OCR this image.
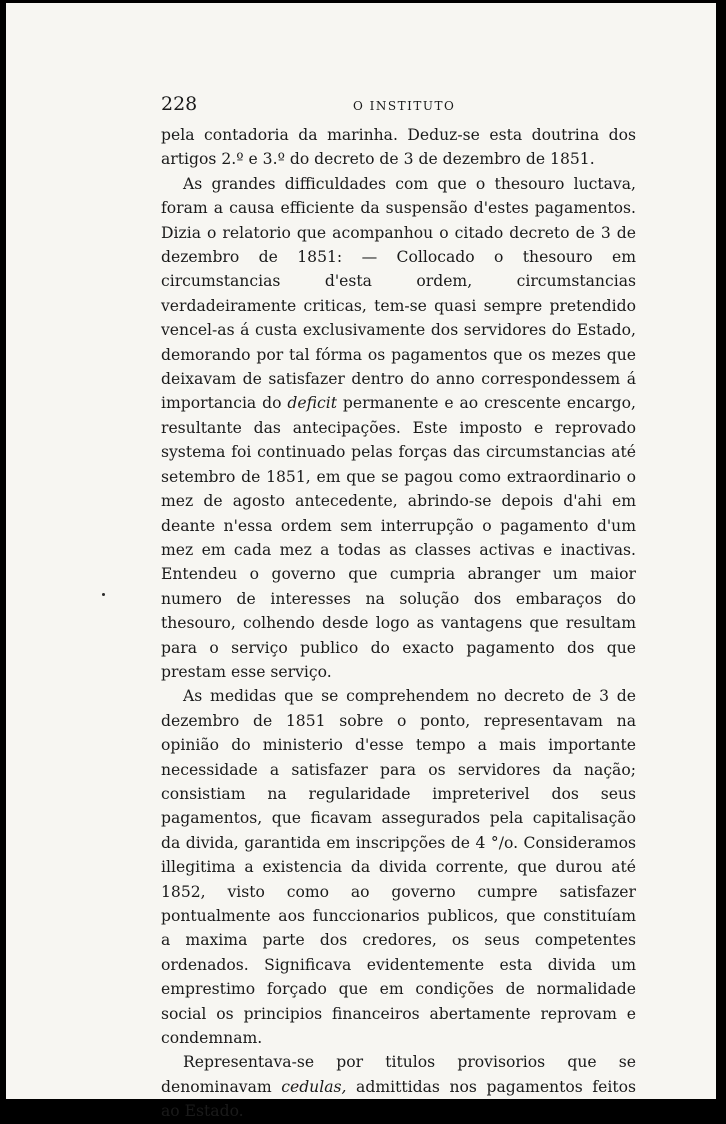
228	O INSTITUTO

pela contadoria da marinha. Deduz-se esta doutrina dos artigos 2.º e 3.º do decreto de 3 de dezembro de 1851.

As grandes difficuldades com que o thesouro luctava, foram a causa efficiente da suspensão d'estes pagamentos. Dizia o relatorio que acompanhou o citado decreto de 3 de dezembro de 1851: — Collocado o thesouro em circumstancias d'esta ordem, circumstancias verdadeiramente criticas, tem-se quasi sempre pretendido vencel-as á custa exclusivamente dos servidores do Estado, demorando por tal fórma os pagamentos que os mezes que deixavam de satisfazer dentro do anno correspondessem á importancia do deficit permanente e ao crescente encargo, resultante das antecipações. Este imposto e reprovado systema foi continuado pelas forças das circumstancias até setembro de 1851, em que se pagou como extraordinario o mez de agosto antecedente, abrindo-se depois d'ahi em deante n'essa ordem sem interrupção o pagamento d'um mez em cada mez a todas as classes activas e inactivas. Entendeu o governo que cumpria abranger um maior numero de interesses na solução dos embaraços do thesouro, colhendo desde logo as vantagens que resultam para o serviço publico do exacto pagamento dos que prestam esse serviço.

As medidas que se comprehendem no decreto de 3 de dezembro de 1851 sobre o ponto, representavam na opinião do ministerio d'esse tempo a mais importante necessidade a satisfazer para os servidores da nação; consistiam na regularidade impreterivel dos seus pagamentos, que ficavam assegurados pela capitalisação da divida, garantida em inscripções de 4 °/o. Consideramos illegitima a existencia da divida corrente, que durou até 1852, visto como ao governo cumpre satisfazer pontualmente aos funccionarios publicos, que constituíam a maxima parte dos credores, os seus competentes ordenados. Significava evidentemente esta divida um emprestimo forçado que em condições de normalidade social os principios financeiros abertamente reprovam e condemnam.

Representava-se por titulos provisorios que se denominavam cedulas, admittidas nos pagamentos feitos ao Estado.
